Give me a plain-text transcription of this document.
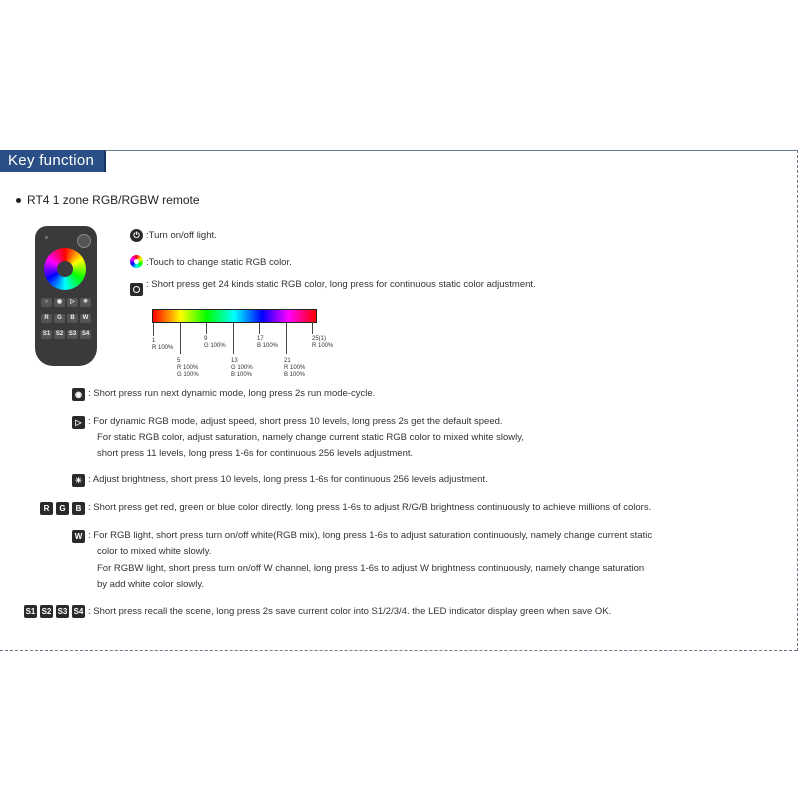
Key function
RT4 1 zone RGB/RGBW remote
○	◉	▷	✳
R	G	B	W
S1 S2 S3 S4
⏻ :Turn on/off light.
:Touch to change static RGB color.
: Short press get 24 kinds static RGB color, long press for continuous static color adjustment.
1
R 100%
9
G 100%
17
B 100%
25(1)
R 100%
5
R 100%
G 100%
13
G 100%
B 100%
21
R 100%
B 100%
◉ : Short press run next dynamic mode, long press 2s run mode-cycle.
▷ : For dynamic RGB mode, adjust speed, short press 10 levels, long press 2s get the default speed.
For static RGB color, adjust saturation, namely change current static RGB color to mixed white slowly,
short press 11 levels, long press 1-6s for continuous 256 levels adjustment.
✳ : Adjust brightness, short press 10 levels, long press 1-6s for continuous 256 levels adjustment.
R	G	B : Short press get red, green or blue color directly. long press 1-6s to adjust R/G/B brightness continuously to achieve millions of colors.
W : For RGB light, short press turn on/off white(RGB mix), long press 1-6s to adjust saturation continuously, namely change current static
color to mixed white slowly.
For RGBW light, short press turn on/off W channel, long press 1-6s to adjust W brightness continuously, namely change saturation
by add white color slowly.
S1 S2 S3 S4 : Short press recall the scene, long press 2s save current color into S1/2/3/4. the LED indicator display green when save OK.
